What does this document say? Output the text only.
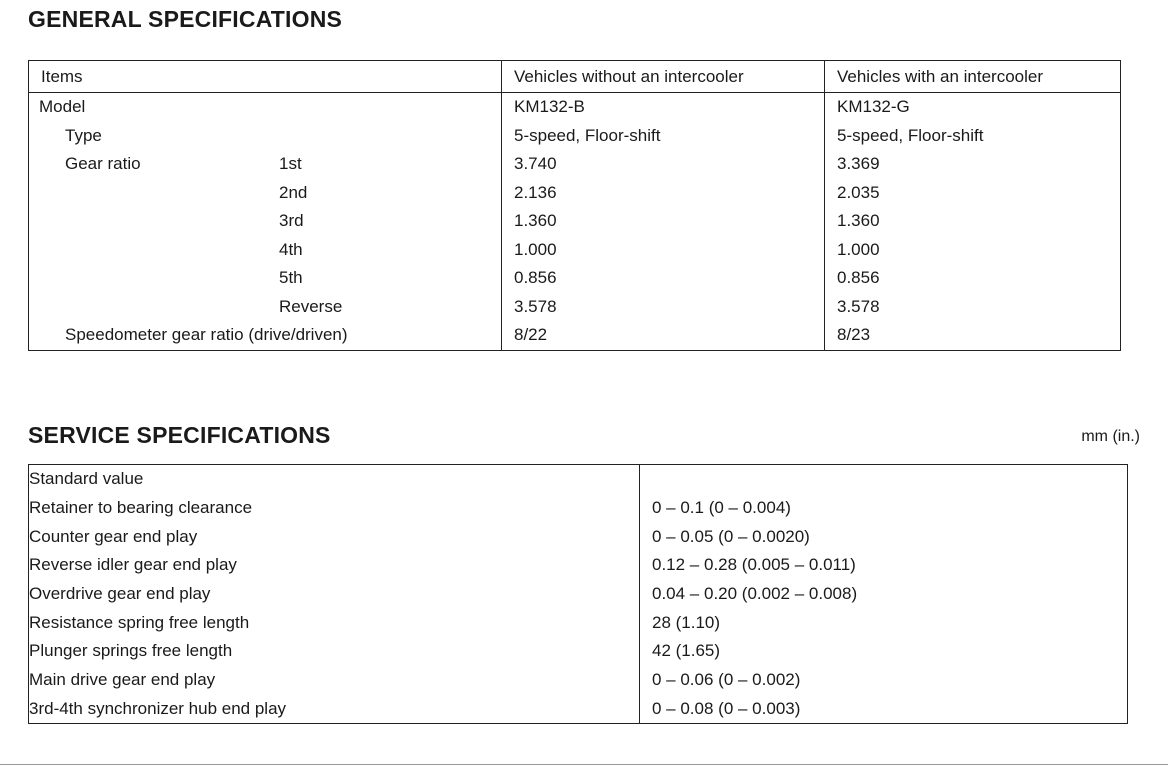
GENERAL SPECIFICATIONS
Items	Vehicles without an intercooler	Vehicles with an intercooler
Model	KM132-B	KM132-G
Type	5-speed, Floor-shift	5-speed, Floor-shift
Gear ratio 1st	3.740	3.369

2nd	2.136	2.035

3rd	1.360	1.360

4th	1.000	1.000

5th	0.856	0.856

Reverse	3.578	3.578
Speedometer gear ratio (drive/driven)	8/22	8/23
SERVICE SPECIFICATIONS	mm (in.)
Standard value	
Retainer to bearing clearance	0 – 0.1 (0 – 0.004)
Counter gear end play	0 – 0.05 (0 – 0.0020)
Reverse idler gear end play	0.12 – 0.28 (0.005 – 0.011)
Overdrive gear end play	0.04 – 0.20 (0.002 – 0.008)
Resistance spring free length	28 (1.10)
Plunger springs free length	42 (1.65)
Main drive gear end play	0 – 0.06 (0 – 0.002)
3rd-4th synchronizer hub end play	0 – 0.08 (0 – 0.003)
